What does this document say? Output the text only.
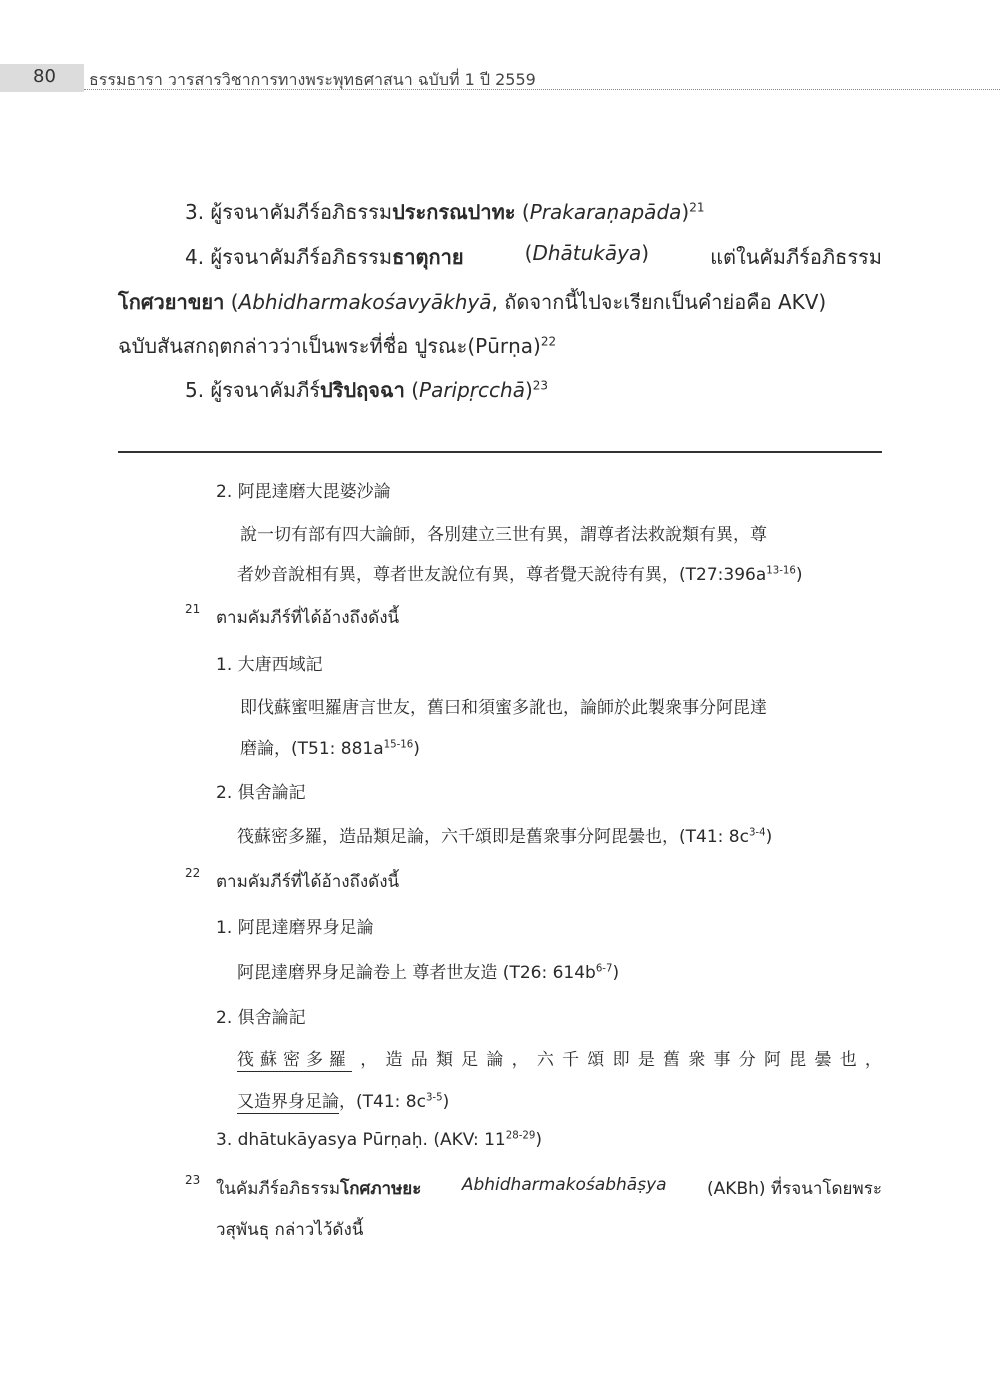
80 ธรรมธารา วารสารวิชาการทางพระพุทธศาสนา ฉบับที่ 1 ปี 2559
3. ผู้รจนาคัมภีร์อภิธรรมประกรณปาทะ (Prakaraṇapāda)$^{21}$
4. ผู้รจนาคัมภีร์อภิธรรมธาตุกาย	(Dhātukāya)	แต่ในคัมภีร์อภิธรรม
โกศวยาขยา (Abhidharmakośavyākhyā, ถัดจากนี้ไปจะเรียกเป็นคำย่อคือ AKV)
ฉบับสันสกฤตกล่าวว่าเป็นพระที่ชื่อ ปูรณะ(Pūrṇa)$^{22}$
5. ผู้รจนาคัมภีร์ปริปฤจฉา (Paripṛcchā)$^{23}$
2. 阿毘達磨大毘婆沙論
說一切有部有四大論師，各別建立三世有異，謂尊者法救說類有異，尊
者妙音說相有異，尊者世友說位有異，尊者覺天說待有異，$(T27:396a^{13-16})$
21 ตามคัมภีร์ที่ได้อ้างถึงดังนี้
1. 大唐西域記
即伐蘇蜜呾羅唐言世友，舊曰和須蜜多訛也，論師於此製衆事分阿毘達
磨論，(T51: $881a^{15-16}$)
2. 俱舍論記
筏蘇密多羅，造品類足論，六千頌即是舊衆事分阿毘曇也，(T41: $8c^{3-4}$)
22 ตามคัมภีร์ที่ได้อ้างถึงดังนี้
1. 阿毘達磨界身足論
阿毘達磨界身足論卷上 尊者世友造 (T26: $614b^{6-7}$)
2. 俱舍論記
筏蘇密多羅 ， 造 品 類 足 論 ， 六 千 頌 即 是 舊 衆 事 分 阿 毘 曇 也 ，
又造界身足論，(T41: $8c^{3-5}$)
3. dhātukāyasya Pūrṇaḥ. (AKV: 11$^{28-29}$)
23 ในคัมภีร์อภิธรรมโกศภาษยะ Abhidharmakośabhāṣya (AKBh) ที่รจนาโดยพระ
วสุพันธุ กล่าวไว้ดังนี้
